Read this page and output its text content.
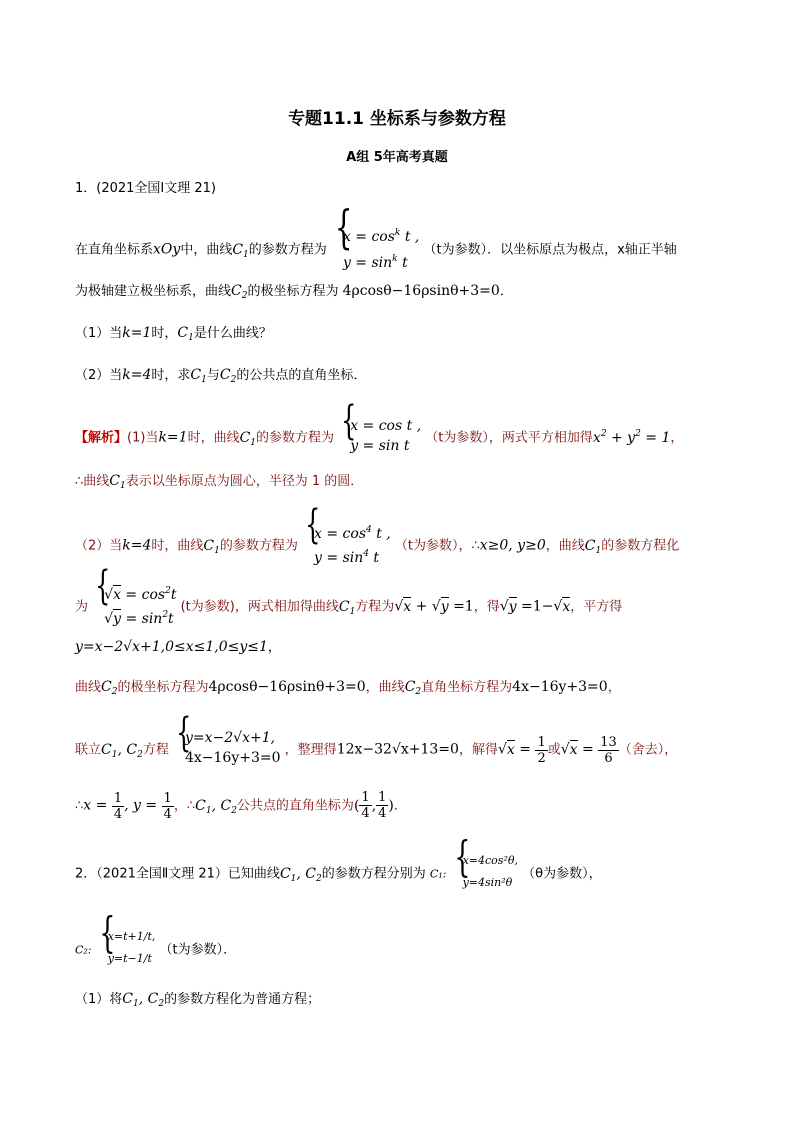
专题11.1 坐标系与参数方程
A组 5年高考真题
1．(2021全国Ⅰ文理 21)
在直角坐标系xOy中，曲线$C_1$的参数方程为
{ $x = \cos^k t$ ,
$y = \sin^k t$
（t为参数）．以坐标原点为极点，x轴正半轴
为极轴建立极坐标系，曲线$C_2$的极坐标方程为 4ρcosθ−16ρsinθ+3=0．
（1）当k=1时，$C_1$是什么曲线？
（2）当k=4时，求$C_1$与$C_2$的公共点的直角坐标．
【解析】(1)当k=1时，曲线$C_1$的参数方程为
{ x = cos t ,
y = sin t	（t为参数），两式平方相加得$x^2 + y^2 = 1$，
∴曲线$C_1$表示以坐标原点为圆心，半径为 1 的圆．
（2）当k=4时，曲线$C_1$的参数方程为
{ $x = \cos^4 t$ ,
$y = \sin^4 t$
（t为参数），∴x≥0, y≥0，曲线$C_1$的参数方程化
为
{ $√x = \cos^2t$
$√y = \sin^2t$
(t为参数)，两式相加得曲线$C_1$方程为√x + √y =1，得√y =1−√x，平方得
y=x−2√x+1,0≤x≤1,0≤y≤1，
曲线$C_2$的极坐标方程为4ρcosθ−16ρsinθ+3=0，曲线$C_2$直角坐标方程为4x−16y+3=0，
联立$C_1$, $C_2$方程
{ y=x−2√x+1,
4x−16y+3=0 ，整理得12x−32√x+13=0，解得$√x = \frac{1}{2}$ 或$√x = \frac{13}{6}$ （舍去），
∴x = $\frac{1}{4}$ , $y = \frac{1}{4}$ ，$\therefore C_1$, $C_2$公共点的直角坐标为( $\frac{1}{4}$ , $\frac{1}{4}$ )．
2．（2021全国Ⅱ文理 21）已知曲线$C_1$, $C_2$的参数方程分别为 C₁:
{ x=4cos²θ,
y=4sin²θ
（θ为参数），
C₂:
{ x=t+1/t,
y=t−1/t
（t为参数）．
（1）将$C_1$, $C_2$的参数方程化为普通方程；
